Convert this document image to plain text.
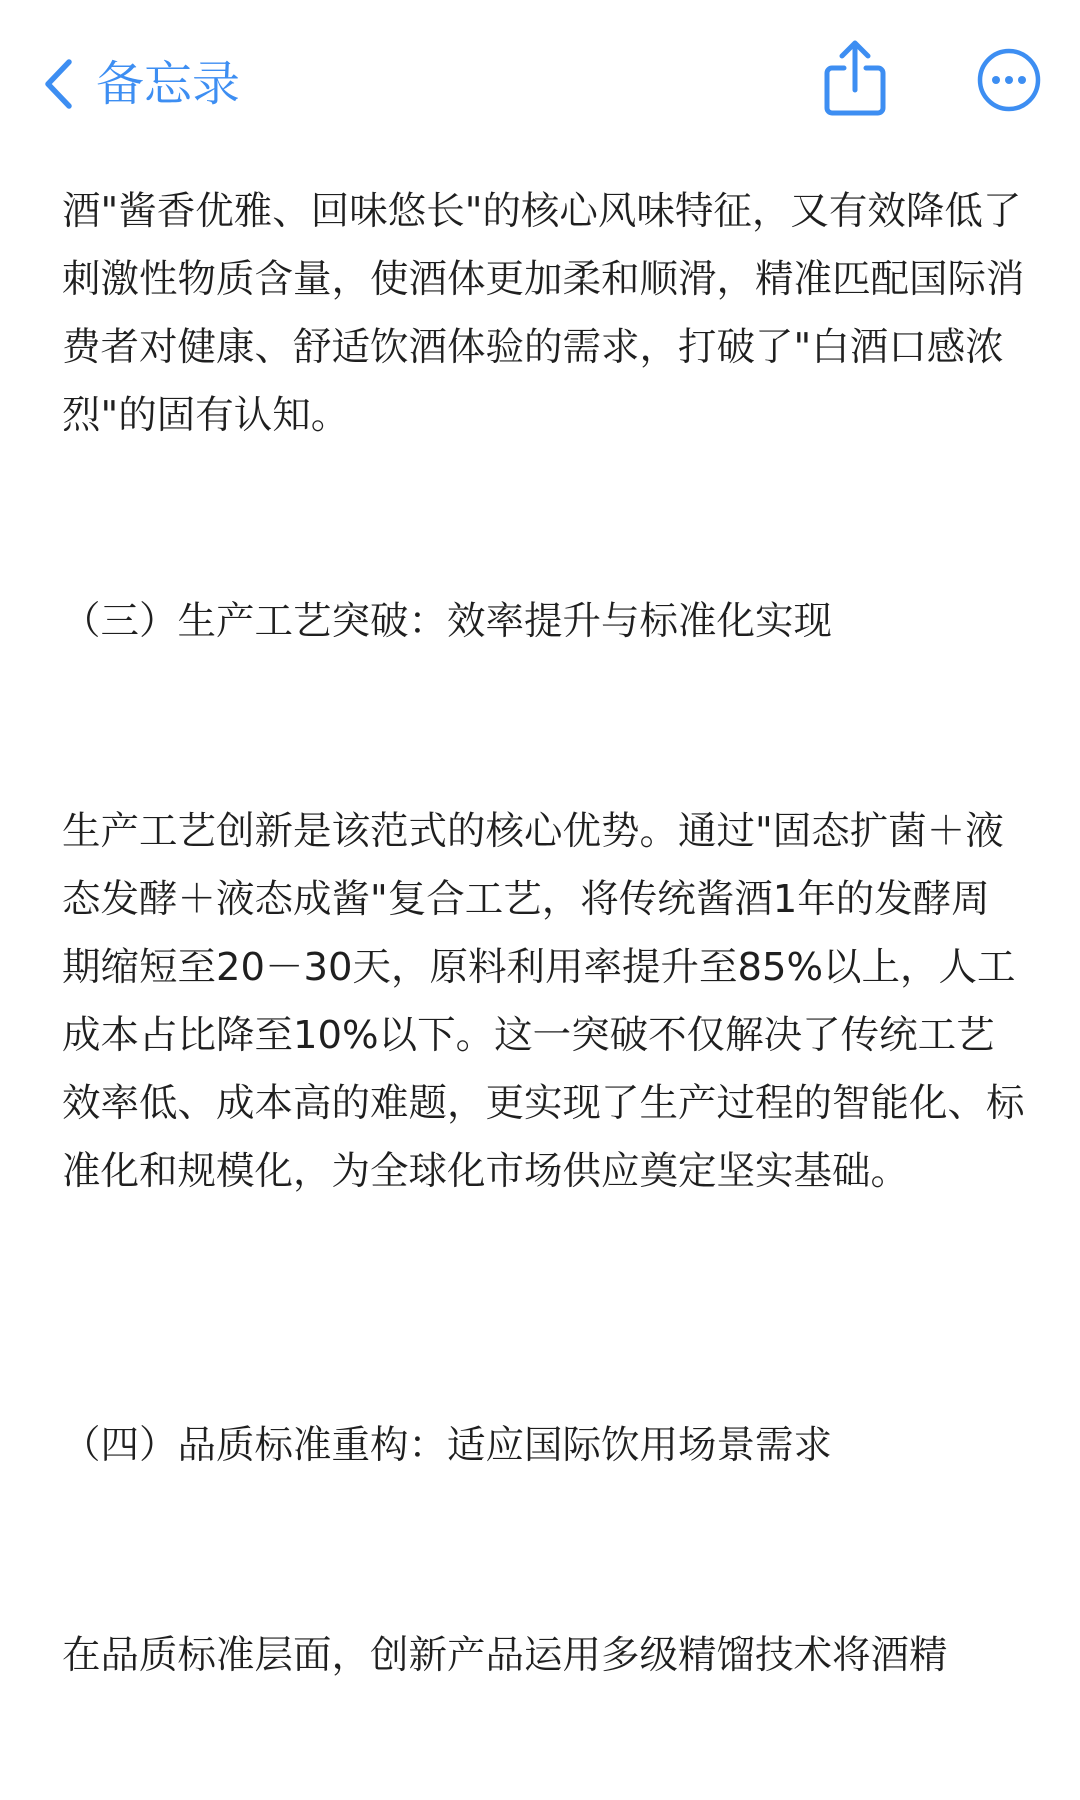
备忘录

酒"酱香优雅、回味悠长"的核心风味特征，又有效降低了刺激性物质含量，使酒体更加柔和顺滑，精准匹配国际消费者对健康、舒适饮酒体验的需求，打破了"白酒口感浓烈"的固有认知。

（三）生产工艺突破：效率提升与标准化实现

生产工艺创新是该范式的核心优势。通过"固态扩菌＋液态发酵＋液态成酱"复合工艺，将传统酱酒1年的发酵周期缩短至20－30天，原料利用率提升至85%以上，人工成本占比降至10%以下。这一突破不仅解决了传统工艺效率低、成本高的难题，更实现了生产过程的智能化、标准化和规模化，为全球化市场供应奠定坚实基础。

（四）品质标准重构：适应国际饮用场景需求

在品质标准层面，创新产品运用多级精馏技术将酒精
